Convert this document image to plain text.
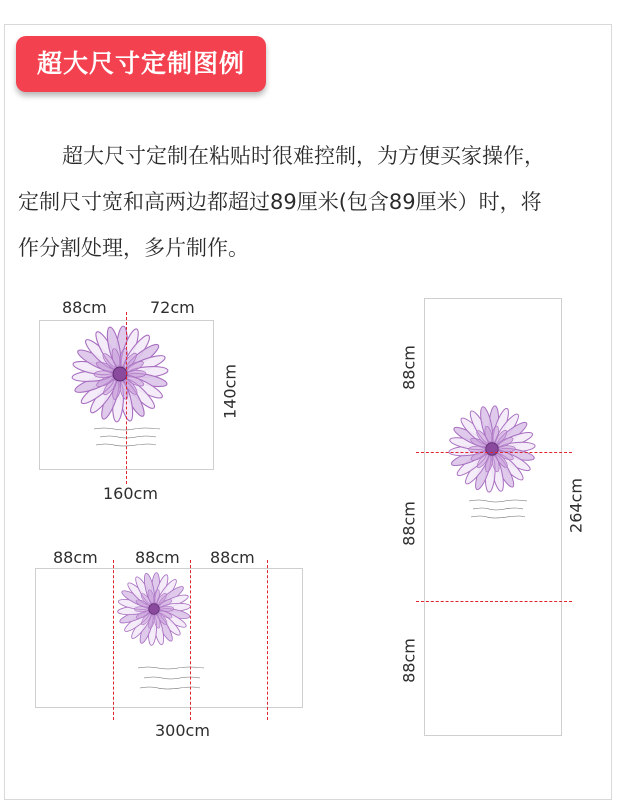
超大尺寸定制图例
超大尺寸定制在粘贴时很难控制，为方便买家操作，
定制尺寸宽和高两边都超过89厘米(包含89厘米）时，将
作分割处理，多片制作。
88cm	72cm
140cm
160cm
88cm 88cm 88cm
300cm
88cm
88cm
88cm
264cm
